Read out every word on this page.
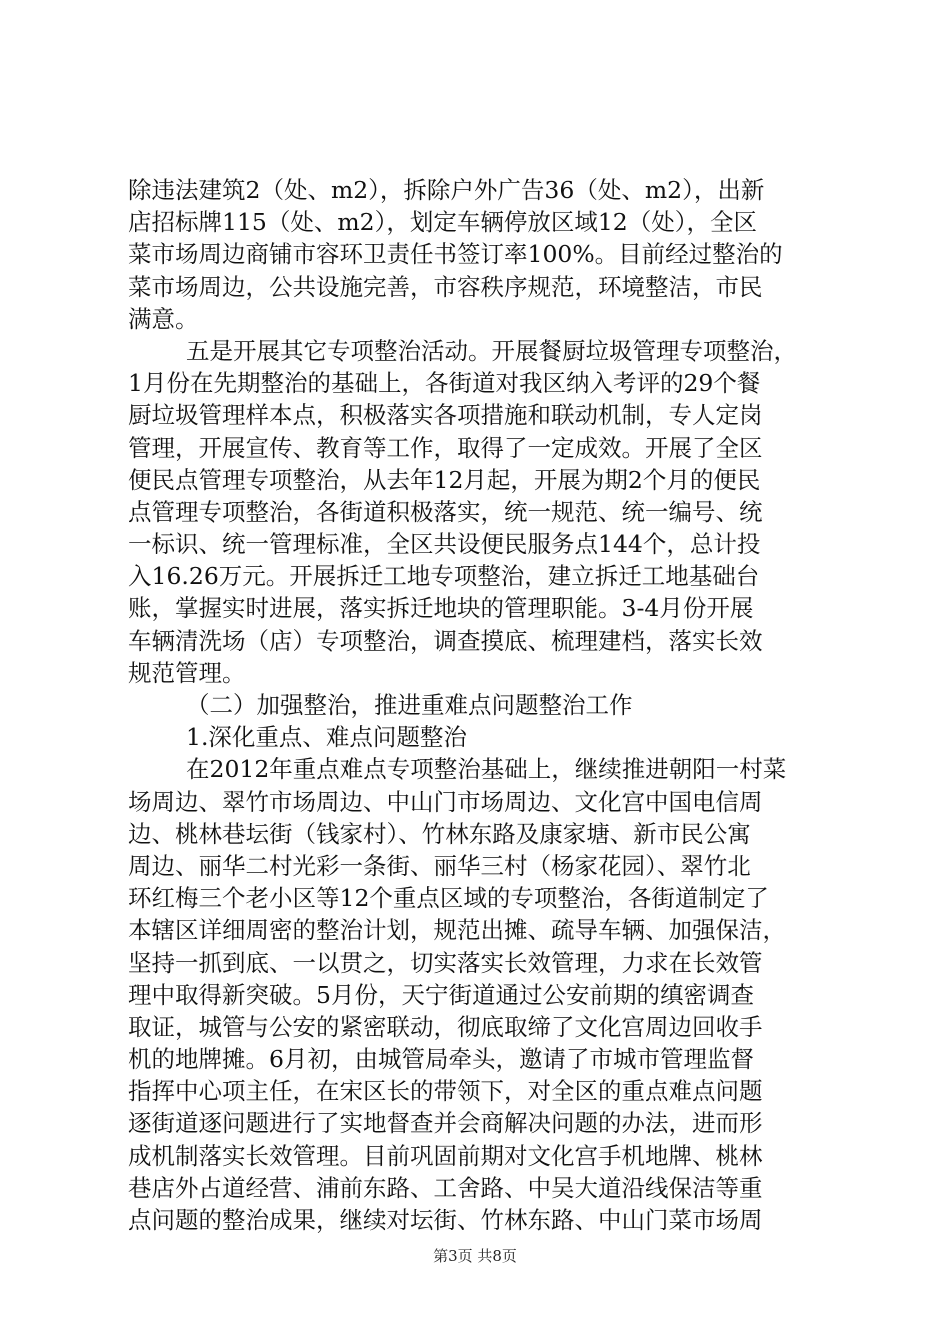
除违法建筑2（处、m2），拆除户外广告36（处、m2），出新
店招标牌115（处、m2），划定车辆停放区域12（处），全区
菜市场周边商铺市容环卫责任书签订率100%。目前经过整治的
菜市场周边，公共设施完善，市容秩序规范，环境整洁，市民
满意。
五是开展其它专项整治活动。开展餐厨垃圾管理专项整治，
1月份在先期整治的基础上，各街道对我区纳入考评的29个餐
厨垃圾管理样本点，积极落实各项措施和联动机制，专人定岗
管理，开展宣传、教育等工作，取得了一定成效。开展了全区
便民点管理专项整治，从去年12月起，开展为期2个月的便民
点管理专项整治，各街道积极落实，统一规范、统一编号、统
一标识、统一管理标准，全区共设便民服务点144个，总计投
入16.26万元。开展拆迁工地专项整治，建立拆迁工地基础台
账，掌握实时进展，落实拆迁地块的管理职能。3-4月份开展
车辆清洗场（店）专项整治，调查摸底、梳理建档，落实长效
规范管理。
（二）加强整治，推进重难点问题整治工作
1.深化重点、难点问题整治
在2012年重点难点专项整治基础上，继续推进朝阳一村菜
场周边、翠竹市场周边、中山门市场周边、文化宫中国电信周
边、桃林巷坛街（钱家村）、竹林东路及康家塘、新市民公寓
周边、丽华二村光彩一条街、丽华三村（杨家花园）、翠竹北
环红梅三个老小区等12个重点区域的专项整治，各街道制定了
本辖区详细周密的整治计划，规范出摊、疏导车辆、加强保洁，
坚持一抓到底、一以贯之，切实落实长效管理，力求在长效管
理中取得新突破。5月份，天宁街道通过公安前期的缜密调查
取证，城管与公安的紧密联动，彻底取缔了文化宫周边回收手
机的地牌摊。6月初，由城管局牵头，邀请了市城市管理监督
指挥中心项主任，在宋区长的带领下，对全区的重点难点问题
逐街道逐问题进行了实地督查并会商解决问题的办法，进而形
成机制落实长效管理。目前巩固前期对文化宫手机地牌、桃林
巷店外占道经营、浦前东路、工舍路、中吴大道沿线保洁等重
点问题的整治成果，继续对坛街、竹林东路、中山门菜市场周
第3页 共8页
